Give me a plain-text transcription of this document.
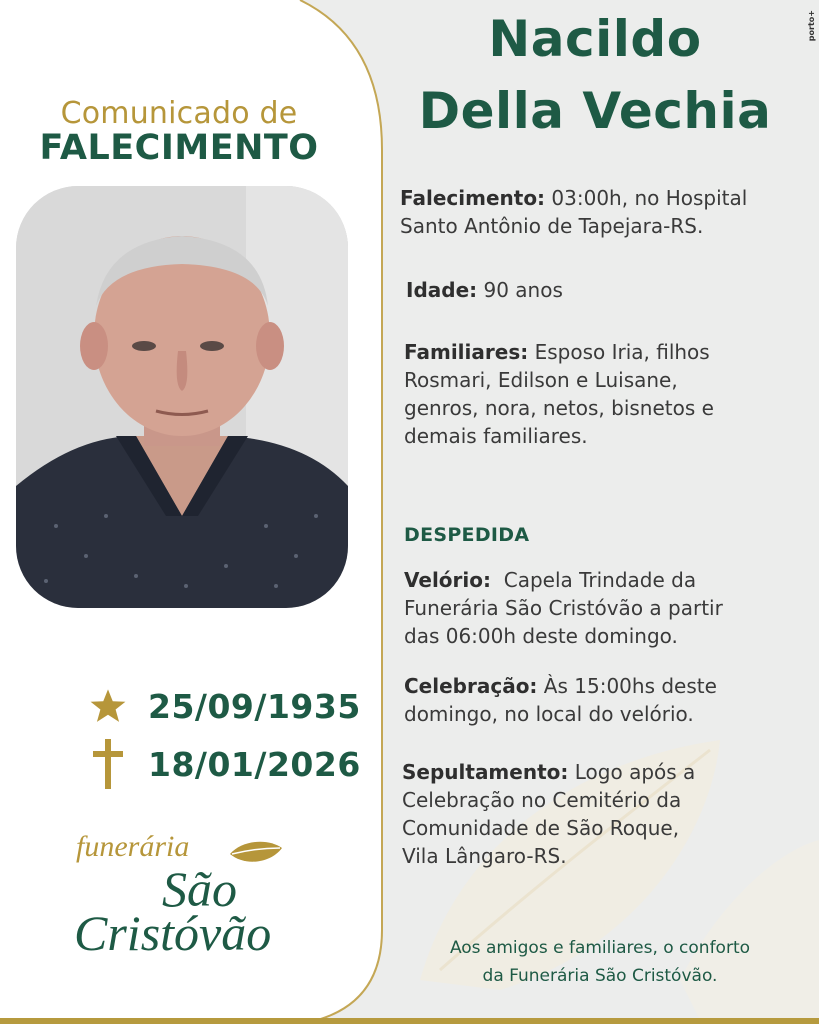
porto+
Comunicado de
FALECIMENTO
25/09/1935
18/01/2026
funerária
São
Cristóvão
Nacildo
Della Vechia
Falecimento: 03:00h, no Hospital
Santo Antônio de Tapejara-RS.
Idade: 90 anos
Familiares: Esposo Iria, filhos
Rosmari, Edilson e Luisane,
genros, nora, netos, bisnetos e
demais familiares.
DESPEDIDA
Velório:  Capela Trindade da
Funerária São Cristóvão a partir
das 06:00h deste domingo.
Celebração: Às 15:00hs deste
domingo, no local do velório.
Sepultamento: Logo após a
Celebração no Cemitério da
Comunidade de São Roque,
Vila Lângaro-RS.
Aos amigos e familiares, o conforto
da Funerária São Cristóvão.
